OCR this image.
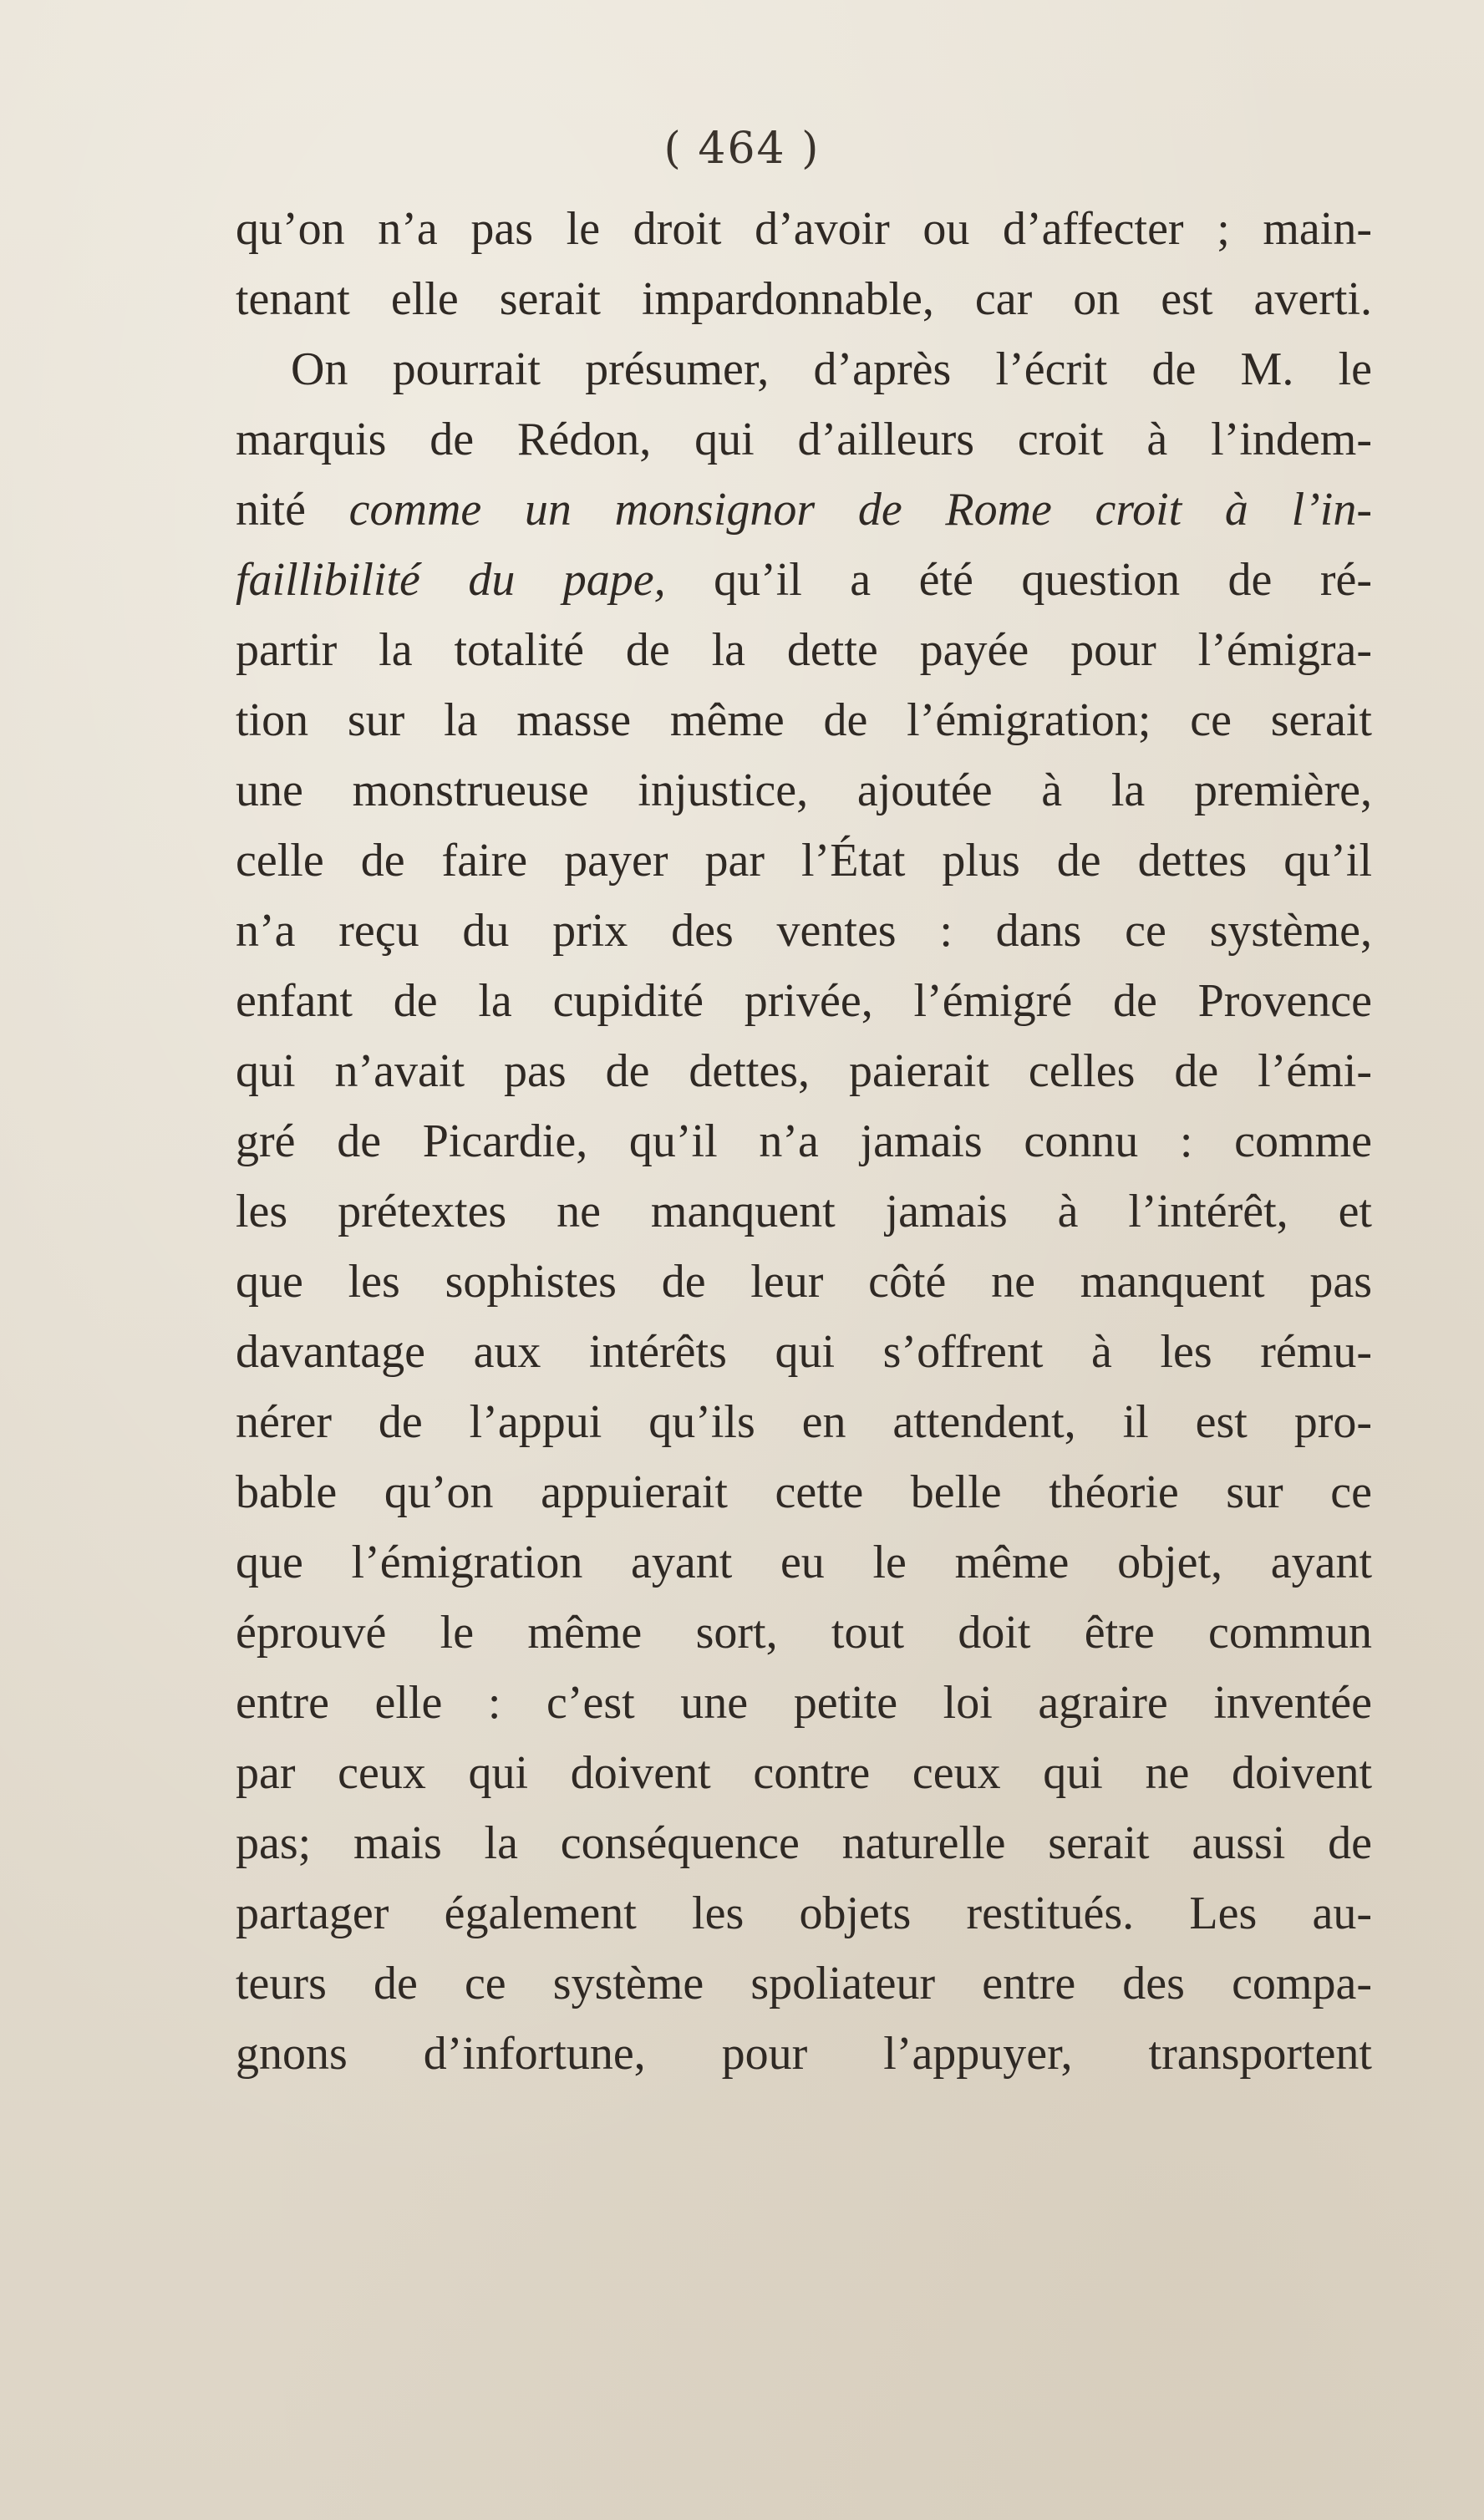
( 464 )
qu’on n’a pas le droit d’avoir ou d’affecter ; main-
tenant elle serait impardonnable, car on est averti.
On pourrait présumer, d’après l’écrit de M. le
marquis de Rédon, qui d’ailleurs croit à l’indem-
nité comme un monsignor de Rome croit à l’in-
faillibilité du pape, qu’il a été question de ré-
partir la totalité de la dette payée pour l’émigra-
tion sur la masse même de l’émigration; ce serait
une monstrueuse injustice, ajoutée à la première,
celle de faire payer par l’État plus de dettes qu’il
n’a reçu du prix des ventes : dans ce système,
enfant de la cupidité privée, l’émigré de Provence
qui n’avait pas de dettes, paierait celles de l’émi-
gré de Picardie, qu’il n’a jamais connu : comme
les prétextes ne manquent jamais à l’intérêt, et
que les sophistes de leur côté ne manquent pas
davantage aux intérêts qui s’offrent à les rému-
nérer de l’appui qu’ils en attendent, il est pro-
bable qu’on appuierait cette belle théorie sur ce
que l’émigration ayant eu le même objet, ayant
éprouvé le même sort, tout doit être commun
entre elle : c’est une petite loi agraire inventée
par ceux qui doivent contre ceux qui ne doivent
pas; mais la conséquence naturelle serait aussi de
partager également les objets restitués. Les au-
teurs de ce système spoliateur entre des compa-
gnons d’infortune, pour l’appuyer, transportent
